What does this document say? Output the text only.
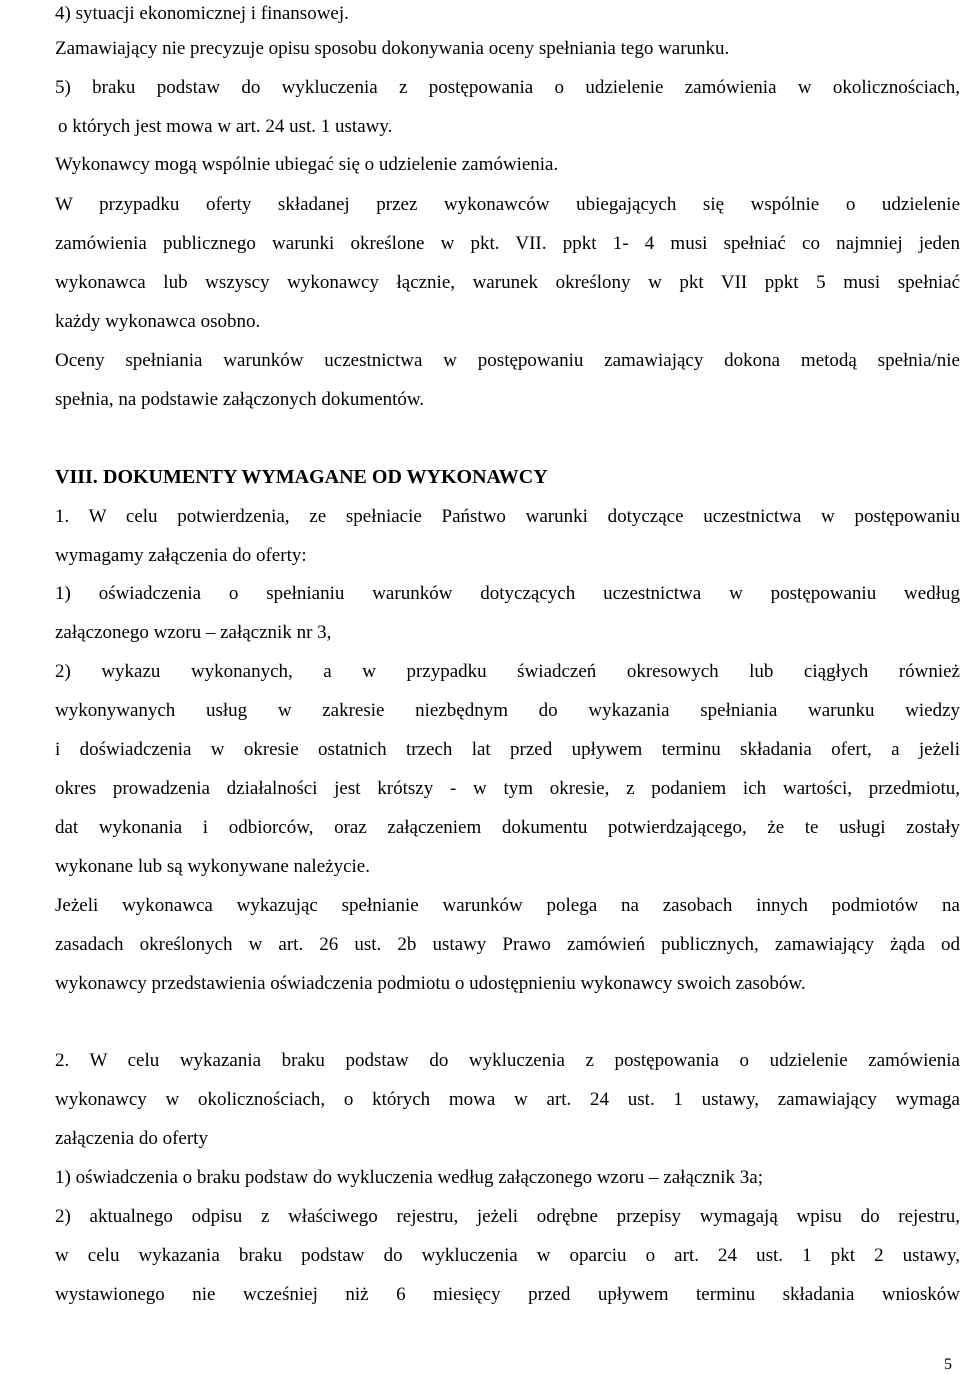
4) sytuacji ekonomicznej i finansowej.
Zamawiający nie precyzuje opisu sposobu dokonywania oceny spełniania tego warunku.
5) braku podstaw do wykluczenia z postępowania o udzielenie zamówienia w okolicznościach,
o których jest mowa w art. 24 ust. 1 ustawy.
Wykonawcy mogą wspólnie ubiegać się o udzielenie zamówienia.
W przypadku oferty składanej przez wykonawców ubiegających się wspólnie o udzielenie
zamówienia publicznego warunki określone w pkt. VII. ppkt 1- 4 musi spełniać co najmniej jeden
wykonawca lub wszyscy wykonawcy łącznie, warunek określony w pkt VII ppkt 5 musi spełniać
każdy wykonawca osobno.
Oceny spełniania warunków uczestnictwa w postępowaniu zamawiający dokona metodą spełnia/nie
spełnia, na podstawie załączonych dokumentów.
VIII. DOKUMENTY WYMAGANE OD WYKONAWCY
1. W celu potwierdzenia, ze spełniacie Państwo warunki dotyczące uczestnictwa w postępowaniu
wymagamy załączenia do oferty:
1) oświadczenia o spełnianiu warunków dotyczących uczestnictwa w postępowaniu według
załączonego wzoru – załącznik nr 3,
2) wykazu wykonanych, a w przypadku świadczeń okresowych lub ciągłych również
wykonywanych usług w zakresie niezbędnym do wykazania spełniania warunku wiedzy
i doświadczenia w okresie ostatnich trzech lat przed upływem terminu składania ofert, a jeżeli
okres prowadzenia działalności jest krótszy - w tym okresie, z podaniem ich wartości, przedmiotu,
dat wykonania i odbiorców, oraz załączeniem dokumentu potwierdzającego, że te usługi zostały
wykonane lub są wykonywane należycie.
Jeżeli wykonawca wykazując spełnianie warunków polega na zasobach innych podmiotów na
zasadach określonych w art. 26 ust. 2b ustawy Prawo zamówień publicznych, zamawiający żąda od
wykonawcy przedstawienia oświadczenia podmiotu o udostępnieniu wykonawcy swoich zasobów.
2. W celu wykazania braku podstaw do wykluczenia z postępowania o udzielenie zamówienia
wykonawcy w okolicznościach, o których mowa w art. 24 ust. 1 ustawy, zamawiający wymaga
załączenia do oferty
1) oświadczenia o braku podstaw do wykluczenia według załączonego wzoru – załącznik 3a;
2) aktualnego odpisu z właściwego rejestru, jeżeli odrębne przepisy wymagają wpisu do rejestru,
w celu wykazania braku podstaw do wykluczenia w oparciu o art. 24 ust. 1 pkt 2 ustawy,
wystawionego nie wcześniej niż 6 miesięcy przed upływem terminu składania wniosków
5
